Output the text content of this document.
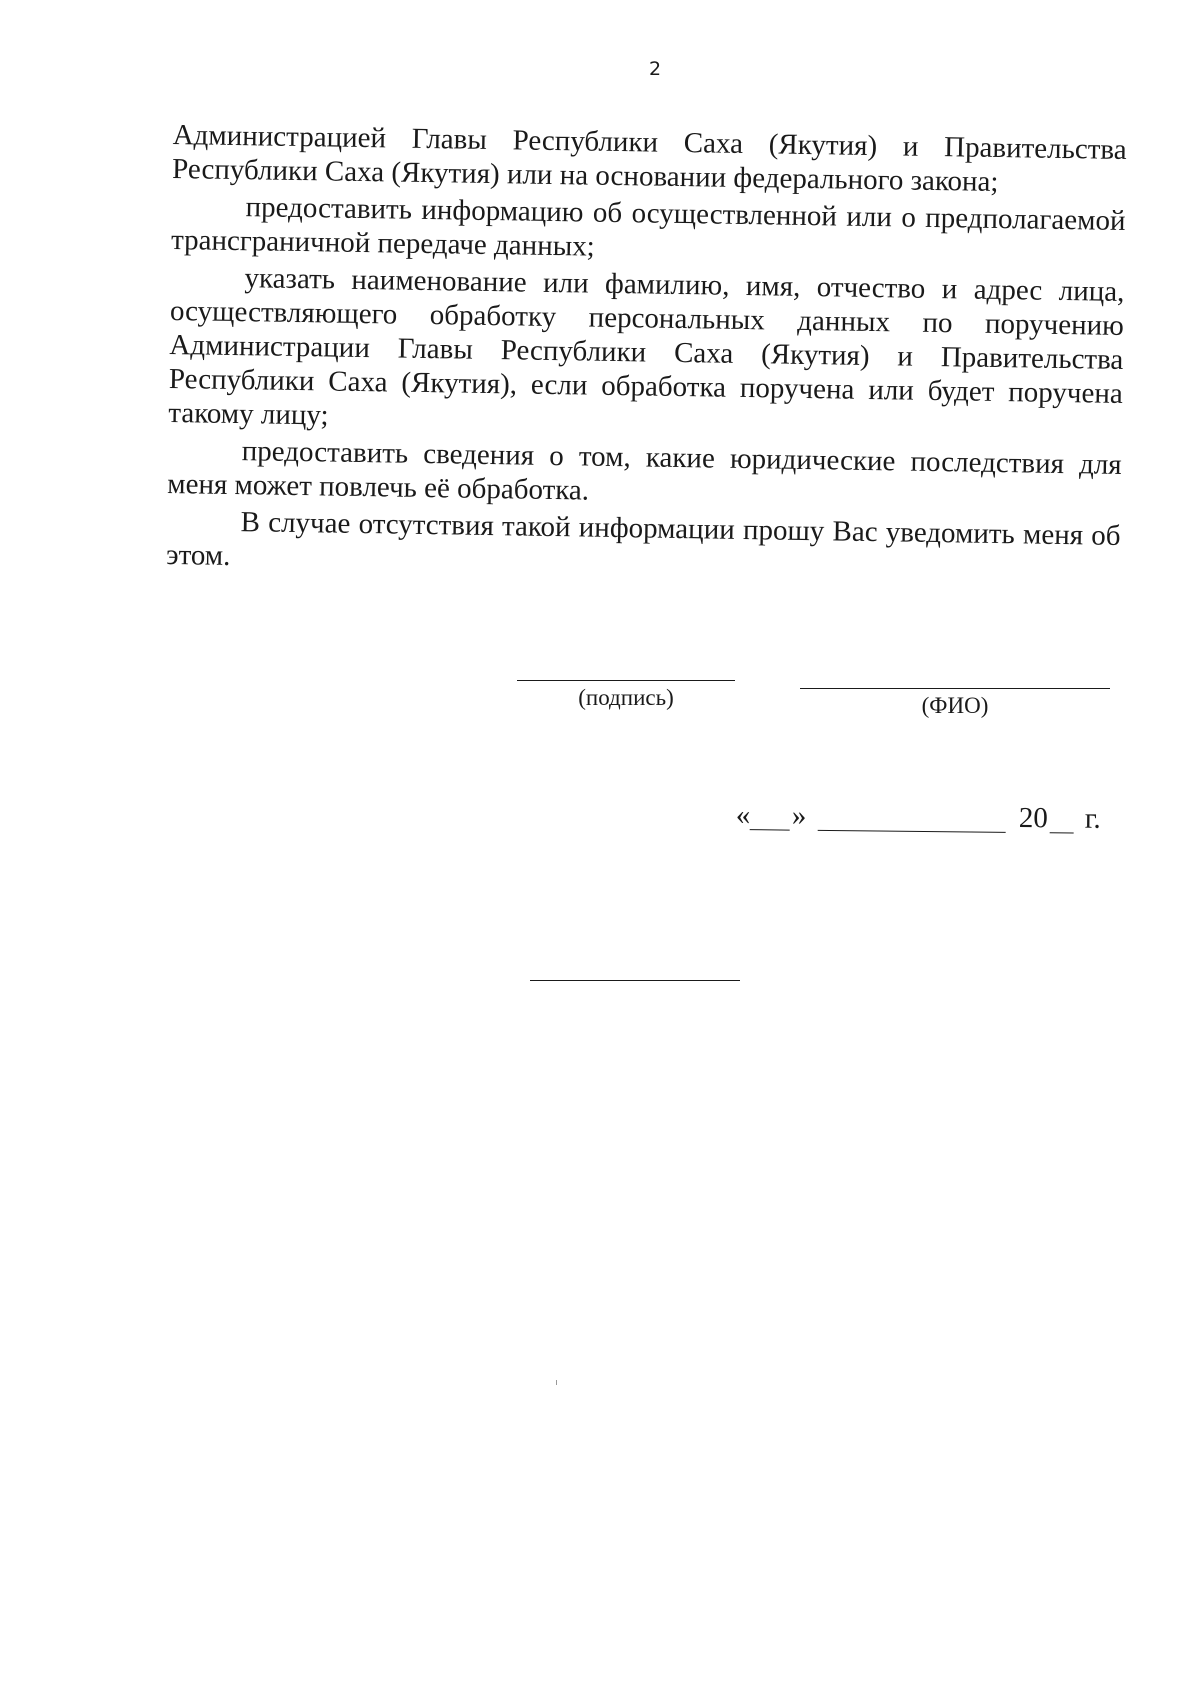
2

Администрацией Главы Республики Саха (Якутия) и Правительства Республики Саха (Якутия) или на основании федерального закона;

предоставить информацию об осуществленной или о предполагаемой трансграничной передаче данных;

указать наименование или фамилию, имя, отчество и адрес лица, осуществляющего обработку персональных данных по поручению Администрации Главы Республики Саха (Якутия) и Правительства Республики Саха (Якутия), если обработка поручена или будет поручена такому лицу;

предоставить сведения о том, какие юридические последствия для меня может повлечь её обработка.

В случае отсутствия такой информации прошу Вас уведомить меня об этом.

(подпись)	(ФИО)
« »	20 г.
